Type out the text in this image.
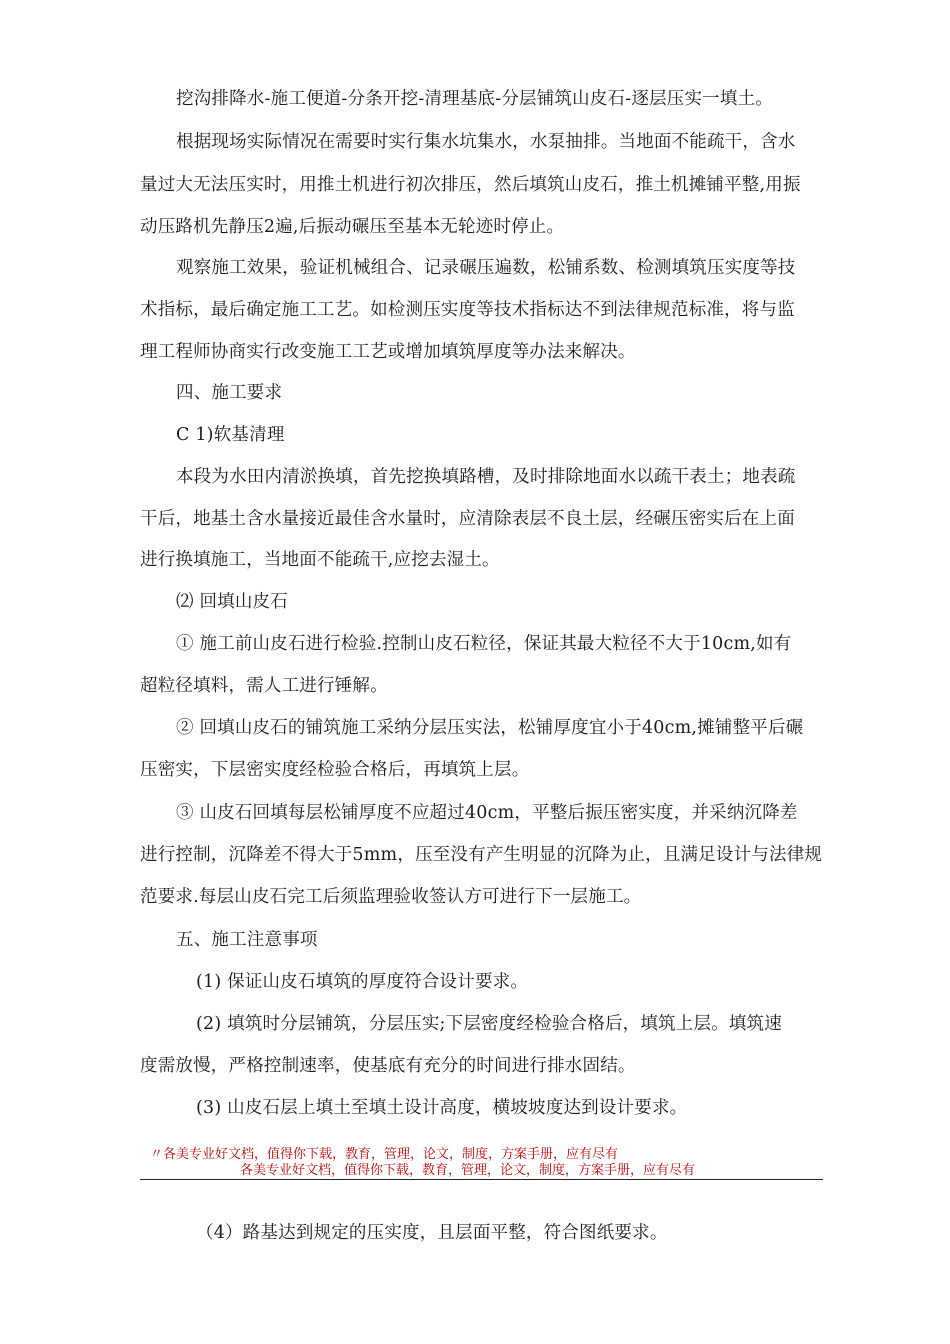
挖沟排降水-施工便道-分条开挖-清理基底-分层铺筑山皮石-逐层压实一填土。
根据现场实际情况在需要时实行集水坑集水，水泵抽排。当地面不能疏干，含水
量过大无法压实时，用推土机进行初次排压，然后填筑山皮石，推土机摊铺平整,用振
动压路机先静压2遍,后振动碾压至基本无轮迹时停止。
观察施工效果，验证机械组合、记录碾压遍数，松铺系数、检测填筑压实度等技
术指标，最后确定施工工艺。如检测压实度等技术指标达不到法律规范标准，将与监
理工程师协商实行改变施工工艺或增加填筑厚度等办法来解决。
四、施工要求
C 1)软基清理
本段为水田内清淤换填，首先挖换填路槽，及时排除地面水以疏干表土；地表疏
干后，地基土含水量接近最佳含水量时，应清除表层不良土层，经碾压密实后在上面
进行换填施工，当地面不能疏干,应挖去湿土。
⑵ 回填山皮石
① 施工前山皮石进行检验.控制山皮石粒径，保证其最大粒径不大于10cm,如有
超粒径填料，需人工进行锤解。
② 回填山皮石的铺筑施工采纳分层压实法，松铺厚度宜小于40cm,摊铺整平后碾
压密实，下层密实度经检验合格后，再填筑上层。
③ 山皮石回填每层松铺厚度不应超过40cm，平整后振压密实度，并采纳沉降差
进行控制，沉降差不得大于5mm，压至没有产生明显的沉降为止，且满足设计与法律规
范要求.每层山皮石完工后须监理验收签认方可进行下一层施工。
五、施工注意事项
(1) 保证山皮石填筑的厚度符合设计要求。
(2) 填筑时分层铺筑，分层压实;下层密度经检验合格后，填筑上层。填筑速
度需放慢，严格控制速率，使基底有充分的时间进行排水固结。
(3) 山皮石层上填土至填土设计高度，横坡坡度达到设计要求。
〃各美专业好文档，值得你下载，教育，管理，论文，制度，方案手册，应有尽有
各美专业好文档，值得你下载，教育，管理，论文，制度，方案手册，应有尽有
（4）路基达到规定的压实度，且层面平整，符合图纸要求。
